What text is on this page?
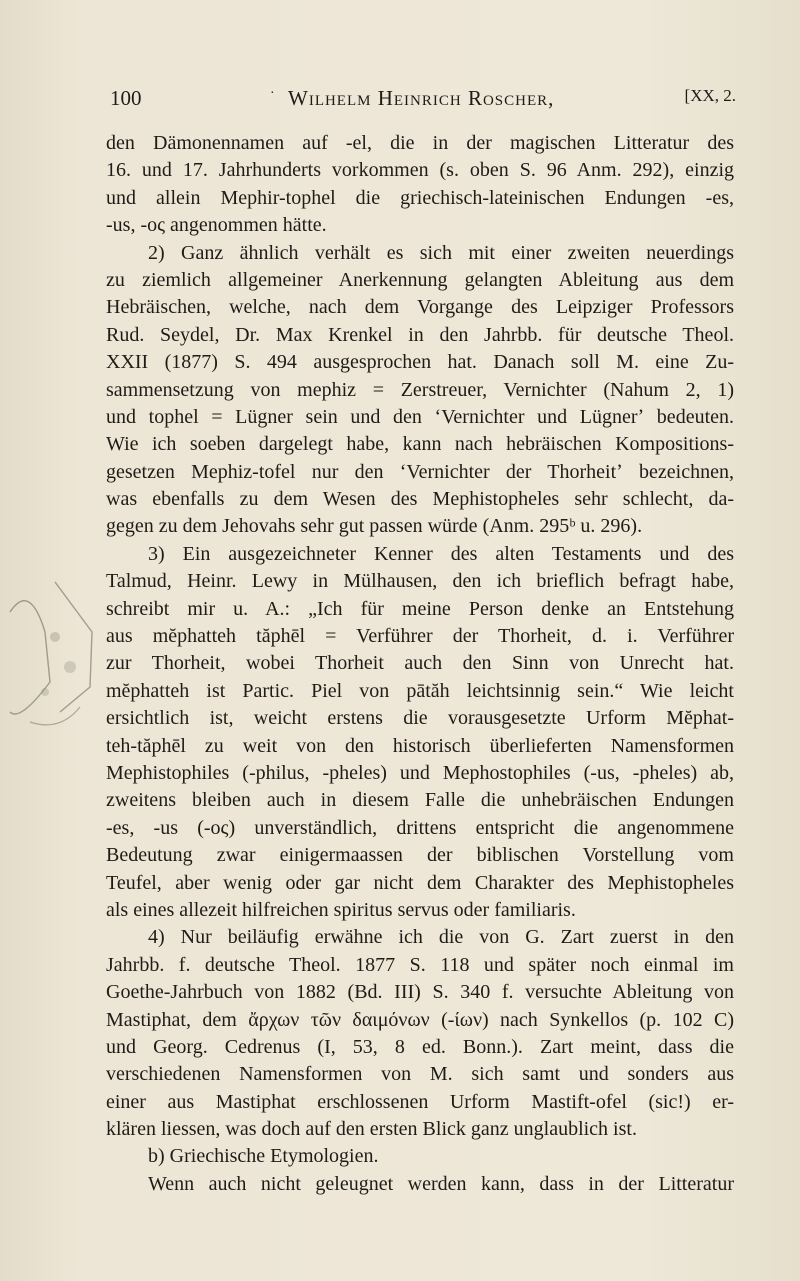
100	· Wilhelm Heinrich Roscher,	[XX, 2.
den Dämonennamen auf -el, die in der magischen Litteratur des
16. und 17. Jahrhunderts vorkommen (s. oben S. 96 Anm. 292), einzig
und allein Mephir-tophel die griechisch-lateinischen Endungen -es,
-us, -ος angenommen hätte.
2) Ganz ähnlich verhält es sich mit einer zweiten neuerdings
zu ziemlich allgemeiner Anerkennung gelangten Ableitung aus dem
Hebräischen, welche, nach dem Vorgange des Leipziger Professors
Rud. Seydel, Dr. Max Krenkel in den Jahrbb. für deutsche Theol.
XXII (1877) S. 494 ausgesprochen hat. Danach soll M. eine Zu-
sammensetzung von mephiz = Zerstreuer, Vernichter (Nahum 2, 1)
und tophel = Lügner sein und den ʻVernichter und Lügnerʼ bedeuten.
Wie ich soeben dargelegt habe, kann nach hebräischen Kompositions-
gesetzen Mephiz-tofel nur den ʻVernichter der Thorheitʼ bezeichnen,
was ebenfalls zu dem Wesen des Mephistopheles sehr schlecht, da-
gegen zu dem Jehovahs sehr gut passen würde (Anm. 295ᵇ u. 296).
3) Ein ausgezeichneter Kenner des alten Testaments und des
Talmud, Heinr. Lewy in Mülhausen, den ich brieflich befragt habe,
schreibt mir u. A.: „Ich für meine Person denke an Entstehung
aus mĕphatteh tăphēl = Verführer der Thorheit, d. i. Verführer
zur Thorheit, wobei Thorheit auch den Sinn von Unrecht hat.
mĕphatteh ist Partic. Piel von pātăh leichtsinnig sein.“ Wie leicht
ersichtlich ist, weicht erstens die vorausgesetzte Urform Mĕphat-
teh-tăphēl zu weit von den historisch überlieferten Namensformen
Mephistophiles (-philus, -pheles) und Mephostophiles (-us, -pheles) ab,
zweitens bleiben auch in diesem Falle die unhebräischen Endungen
-es, -us (-ος) unverständlich, drittens entspricht die angenommene
Bedeutung zwar einigermaassen der biblischen Vorstellung vom
Teufel, aber wenig oder gar nicht dem Charakter des Mephistopheles
als eines allezeit hilfreichen spiritus servus oder familiaris.
4) Nur beiläufig erwähne ich die von G. Zart zuerst in den
Jahrbb. f. deutsche Theol. 1877 S. 118 und später noch einmal im
Goethe-Jahrbuch von 1882 (Bd. III) S. 340 f. versuchte Ableitung von
Mastiphat, dem ἄρχων τῶν δαιμόνων (-ίων) nach Synkellos (p. 102 C)
und Georg. Cedrenus (I, 53, 8 ed. Bonn.). Zart meint, dass die
verschiedenen Namensformen von M. sich samt und sonders aus
einer aus Mastiphat erschlossenen Urform Mastift-ofel (sic!) er-
klären liessen, was doch auf den ersten Blick ganz unglaublich ist.
b) Griechische Etymologien.
Wenn auch nicht geleugnet werden kann, dass in der Litteratur
